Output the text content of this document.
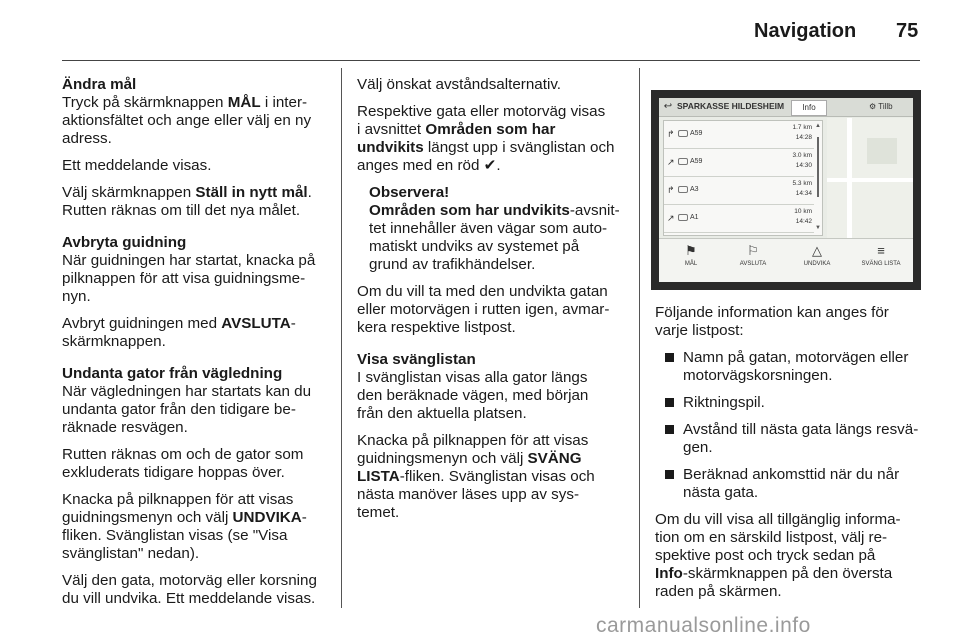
Navigation 75
Ändra mål

Tryck på skärmknappen MÅL i inter-
aktionsfältet och ange eller välj en ny
adress.

Ett meddelande visas.

Välj skärmknappen Ställ in nytt mål.
Rutten räknas om till det nya målet.

Avbryta guidning

När guidningen har startat, knacka på
pilknappen för att visa guidningsme-
nyn.

Avbryt guidningen med AVSLUTA-
skärmknappen.

Undanta gator från vägledning

När vägledningen har startats kan du
undanta gator från den tidigare be-
räknade resvägen.

Rutten räknas om och de gator som
exkluderats tidigare hoppas över.

Knacka på pilknappen för att visas
guidningsmenyn och välj UNDVIKA-
fliken. Svänglistan visas (se "Visa
svänglistan" nedan).

Välj den gata, motorväg eller korsning
du vill undvika. Ett meddelande visas.

Välj önskat avståndsalternativ.

Respektive gata eller motorväg visas
i avsnittet Områden som har
undvikits längst upp i svänglistan och
anges med en röd ✔.

Observera!
Områden som har undvikits-avsnit-
tet innehåller även vägar som auto-
matiskt undviks av systemet på
grund av trafikhändelser.

Om du vill ta med den undvikta gatan
eller motorvägen i rutten igen, avmar-
kera respektive listpost.

Visa svänglistan

I svänglistan visas alla gator längs
den beräknade vägen, med början
från den aktuella platsen.

Knacka på pilknappen för att visas
guidningsmenyn och välj SVÄNG
LISTA-fliken. Svänglistan visas och
nästa manöver läses upp av sys-
temet.

↩ SPARKASSE HILDESHEIM	Info	⚙ Tillb
↱ A59
1.7 km
14:28
↗ A59
3.0 km
14:30
↱ A3
5.3 km
14:34
↗ A1
10 km
14:42
▲
▼
⚑
MÅL
⚐
AVSLUTA
△
UNDVIKA
≡
SVÄNG LISTA

Följande information kan anges för
varje listpost:

Namn på gatan, motorvägen eller
motorvägskorsningen.
Riktningspil.
Avstånd till nästa gata längs resvä-
gen.
Beräknad ankomsttid när du når
nästa gata.

Om du vill visa all tillgänglig informa-
tion om en särskild listpost, välj re-
spektive post och tryck sedan på
Info-skärmknappen på den översta
raden på skärmen.

carmanualsonline.info
